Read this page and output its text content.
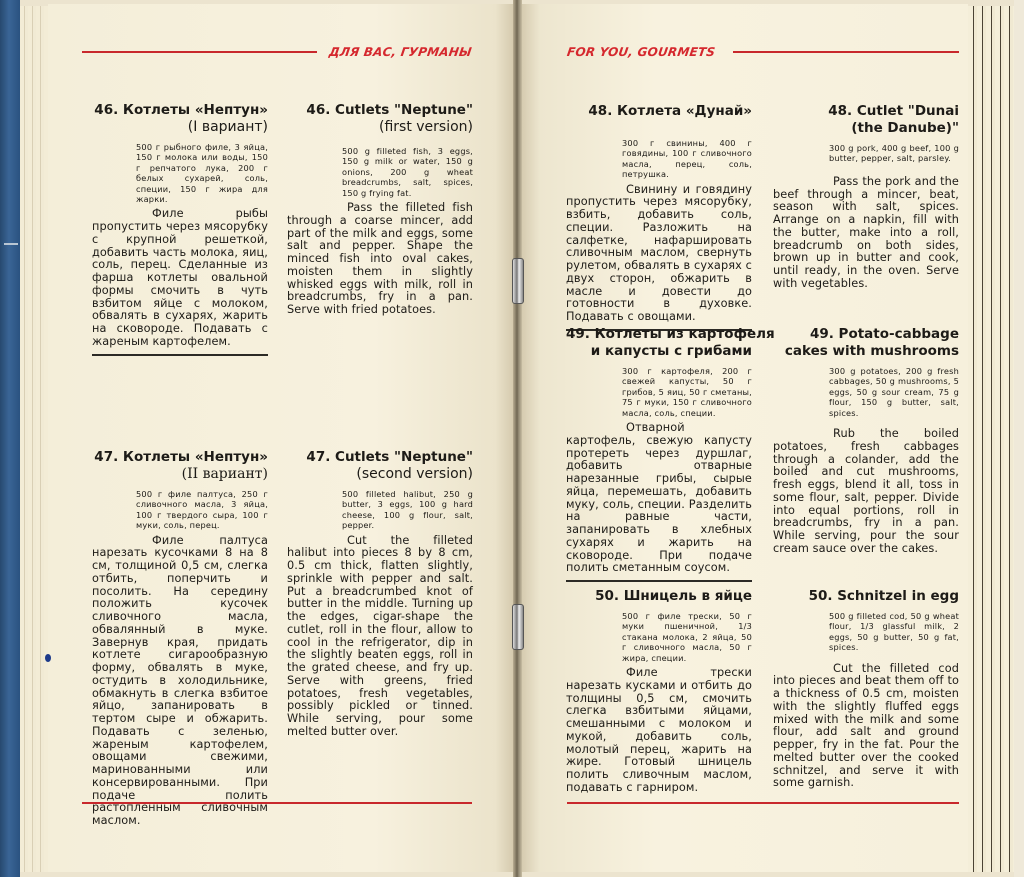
ДЛЯ ВАС, ГУРМАНЫ	FOR YOU, GOURMETS
46. Котлеты «Нептун»
(I вариант)
500 г рыбного филе, 3 яйца, 150 г молока или воды, 150 г репчатого лука, 200 г белых сухарей, соль, специи, 150 г жира для жарки.
Филе рыбы пропустить через мясорубку с крупной решеткой, добавить часть молока, яиц, соль, перец. Сделанные из фарша котлеты овальной формы смочить в чуть взбитом яйце с молоком, обвалять в сухарях, жарить на сковороде. Подавать с жареным картофелем.
46. Cutlets "Neptune"
(first version)
500 g filleted fish, 3 eggs, 150 g milk or water, 150 g onions, 200 g wheat breadcrumbs, salt, spices, 150 g frying fat.
Pass the filleted fish through a coarse mincer, add part of the milk and eggs, some salt and pepper. Shape the minced fish into oval cakes, moisten them in slightly whisked eggs with milk, roll in breadcrumbs, fry in a pan. Serve with fried potatoes.
47. Котлеты «Нептун»
(II вариант)
500 г филе палтуса, 250 г сливочного масла, 3 яйца, 100 г твердого сыра, 100 г муки, соль, перец.
Филе палтуса нарезать кусочками 8 на 8 см, толщиной 0,5 см, слегка отбить, поперчить и посолить. На середину положить кусочек сливочного масла, обвалянный в муке. Завернув края, придать котлете сигарообразную форму, обвалять в муке, остудить в холодильнике, обмакнуть в слегка взбитое яйцо, запанировать в тертом сыре и обжарить. Подавать с зеленью, жареным картофелем, овощами свежими, маринованными или консервированными. При подаче полить растопленным сливочным маслом.
47. Cutlets "Neptune"
(second version)
500 filleted halibut, 250 g butter, 3 eggs, 100 g hard cheese, 100 g flour, salt, pepper.
Cut the filleted halibut into pieces 8 by 8 cm, 0.5 cm thick, flatten slightly, sprinkle with pepper and salt. Put a breadcrumbed knot of butter in the middle. Turning up the edges, cigar-shape the cutlet, roll in the flour, allow to cool in the refrigerator, dip in the slightly beaten eggs, roll in the grated cheese, and fry up. Serve with greens, fried potatoes, fresh vegetables, possibly pickled or tinned. While serving, pour some melted butter over.
48. Котлета «Дунай»
300 г свинины, 400 г говядины, 100 г сливочного масла, перец, соль, петрушка.
Свинину и говядину пропустить через мясорубку, взбить, добавить соль, специи. Разложить на салфетке, нафаршировать сливочным маслом, свернуть рулетом, обвалять в сухарях с двух сторон, обжарить в масле и довести до готовности в духовке. Подавать с овощами.
48. Cutlet "Dunai
(the Danube)"
300 g pork, 400 g beef, 100 g butter, pepper, salt, parsley.
Pass the pork and the beef through a mincer, beat, season with salt, spices. Arrange on a napkin, fill with the butter, make into a roll, breadcrumb on both sides, brown up in butter and cook, until ready, in the oven. Serve with vegetables.
49. Котлеты из картофеля
и капусты с грибами
300 г картофеля, 200 г свежей капусты, 50 г грибов, 5 яиц, 50 г сметаны, 75 г муки, 150 г сливочного масла, соль, специи.
Отварной картофель, свежую капусту протереть через дуршлаг, добавить отварные нарезанные грибы, сырые яйца, перемешать, добавить муку, соль, специи. Разделить на равные части, запанировать в хлебных сухарях и жарить на сковороде. При подаче полить сметанным соусом.
49. Potato-cabbage
cakes with mushrooms
300 g potatoes, 200 g fresh cabbages, 50 g mushrooms, 5 eggs, 50 g sour cream, 75 g flour, 150 g butter, salt, spices.
Rub the boiled potatoes, fresh cabbages through a colander, add the boiled and cut mushrooms, fresh eggs, blend it all, toss in some flour, salt, pepper. Divide into equal portions, roll in breadcrumbs, fry in a pan. While serving, pour the sour cream sauce over the cakes.
50. Шницель в яйце
500 г филе трески, 50 г муки пшеничной, 1/3 стакана молока, 2 яйца, 50 г сливочного масла, 50 г жира, специи.
Филе трески нарезать кусками и отбить до толщины 0,5 см, смочить слегка взбитыми яйцами, смешанными с молоком и мукой, добавить соль, молотый перец, жарить на жире. Готовый шницель полить сливочным маслом, подавать с гарниром.
50. Schnitzel in egg
500 g filleted cod, 50 g wheat flour, 1/3 glassful milk, 2 eggs, 50 g butter, 50 g fat, spices.
Cut the filleted cod into pieces and beat them off to a thickness of 0.5 cm, moisten with the slightly fluffed eggs mixed with the milk and some flour, add salt and ground pepper, fry in the fat. Pour the melted butter over the cooked schnitzel, and serve it with some garnish.
